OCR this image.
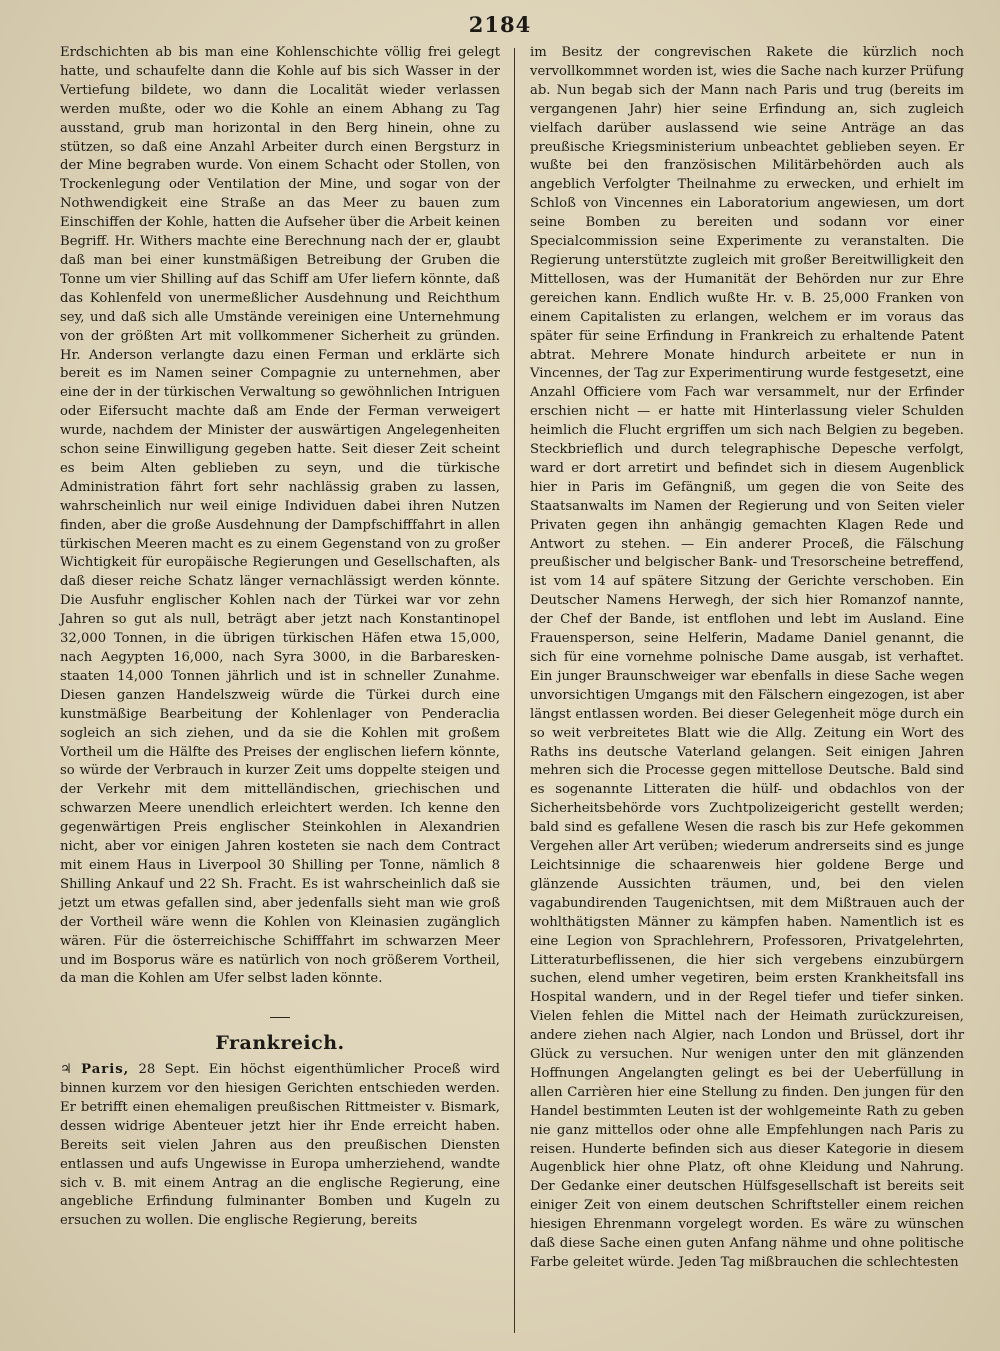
2184

Erdschichten ab bis man eine Kohlenschichte völlig frei gelegt hatte, und schaufelte dann die Kohle auf bis sich Wasser in der Vertiefung bildete, wo dann die Localität wieder verlassen werden mußte, oder wo die Kohle an einem Abhang zu Tag ausstand, grub man horizontal in den Berg hinein, ohne zu stützen, so daß eine Anzahl Arbeiter durch einen Bergsturz in der Mine begraben wurde. Von einem Schacht oder Stollen, von Trockenlegung oder Ventilation der Mine, und sogar von der Nothwendigkeit eine Straße an das Meer zu bauen zum Einschiffen der Kohle, hatten die Aufseher über die Arbeit keinen Begriff. Hr. Withers machte eine Berechnung nach der er, glaubt daß man bei einer kunstmäßigen Betreibung der Gruben die Tonne um vier Shilling auf das Schiff am Ufer liefern könnte, daß das Kohlenfeld von unermeßlicher Ausdehnung und Reichthum sey, und daß sich alle Umstände vereinigen eine Unternehmung von der größten Art mit vollkommener Sicherheit zu gründen. Hr. Anderson verlangte dazu einen Ferman und erklärte sich bereit es im Namen seiner Compagnie zu unternehmen, aber eine der in der türkischen Verwaltung so gewöhnlichen Intriguen oder Eifersucht machte daß am Ende der Ferman verweigert wurde, nachdem der Minister der auswärtigen Angelegenheiten schon seine Einwilligung gegeben hatte. Seit dieser Zeit scheint es beim Alten geblieben zu seyn, und die türkische Administration fährt fort sehr nachlässig graben zu lassen, wahrscheinlich nur weil einige Individuen dabei ihren Nutzen finden, aber die große Ausdehnung der Dampfschifffahrt in allen türkischen Meeren macht es zu einem Gegenstand von zu großer Wichtigkeit für europäische Regierungen und Gesellschaften, als daß dieser reiche Schatz länger vernachlässigt werden könnte. Die Ausfuhr englischer Kohlen nach der Türkei war vor zehn Jahren so gut als null, beträgt aber jetzt nach Konstantinopel 32,000 Tonnen, in die übrigen türkischen Häfen etwa 15,000, nach Aegypten 16,000, nach Syra 3000, in die Barbareskenstaaten 14,000 Tonnen jährlich und ist in schneller Zunahme. Diesen ganzen Handelszweig würde die Türkei durch eine kunstmäßige Bearbeitung der Kohlenlager von Penderaclia sogleich an sich ziehen, und da sie die Kohlen mit großem Vortheil um die Hälfte des Preises der englischen liefern könnte, so würde der Verbrauch in kurzer Zeit ums doppelte steigen und der Verkehr mit dem mittelländischen, griechischen und schwarzen Meere unendlich erleichtert werden. Ich kenne den gegenwärtigen Preis englischer Steinkohlen in Alexandrien nicht, aber vor einigen Jahren kosteten sie nach dem Contract mit einem Haus in Liverpool 30 Shilling per Tonne, nämlich 8 Shilling Ankauf und 22 Sh. Fracht. Es ist wahrscheinlich daß sie jetzt um etwas gefallen sind, aber jedenfalls sieht man wie groß der Vortheil wäre wenn die Kohlen von Kleinasien zugänglich wären. Für die österreichische Schifffahrt im schwarzen Meer und im Bosporus wäre es natürlich von noch größerem Vortheil, da man die Kohlen am Ufer selbst laden könnte.

Frankreich.

♃ Paris, 28 Sept. Ein höchst eigenthümlicher Proceß wird binnen kurzem vor den hiesigen Gerichten entschieden werden. Er betrifft einen ehemaligen preußischen Rittmeister v. Bismark, dessen widrige Abenteuer jetzt hier ihr Ende erreicht haben. Bereits seit vielen Jahren aus den preußischen Diensten entlassen und aufs Ungewisse in Europa umherziehend, wandte sich v. B. mit einem Antrag an die englische Regierung, eine angebliche Erfindung fulminanter Bomben und Kugeln zu ersuchen zu wollen. Die englische Regierung, bereits

im Besitz der congrevischen Rakete die kürzlich noch vervollkommnet worden ist, wies die Sache nach kurzer Prüfung ab. Nun begab sich der Mann nach Paris und trug (bereits im vergangenen Jahr) hier seine Erfindung an, sich zugleich vielfach darüber auslassend wie seine Anträge an das preußische Kriegsministerium unbeachtet geblieben seyen. Er wußte bei den französischen Militärbehörden auch als angeblich Verfolgter Theilnahme zu erwecken, und erhielt im Schloß von Vincennes ein Laboratorium angewiesen, um dort seine Bomben zu bereiten und sodann vor einer Specialcommission seine Experimente zu veranstalten. Die Regierung unterstützte zugleich mit großer Bereitwilligkeit den Mittellosen, was der Humanität der Behörden nur zur Ehre gereichen kann. Endlich wußte Hr. v. B. 25,000 Franken von einem Capitalisten zu erlangen, welchem er im voraus das später für seine Erfindung in Frankreich zu erhaltende Patent abtrat. Mehrere Monate hindurch arbeitete er nun in Vincennes, der Tag zur Experimentirung wurde festgesetzt, eine Anzahl Officiere vom Fach war versammelt, nur der Erfinder erschien nicht — er hatte mit Hinterlassung vieler Schulden heimlich die Flucht ergriffen um sich nach Belgien zu begeben. Steckbrieflich und durch telegraphische Depesche verfolgt, ward er dort arretirt und befindet sich in diesem Augenblick hier in Paris im Gefängniß, um gegen die von Seite des Staatsanwalts im Namen der Regierung und von Seiten vieler Privaten gegen ihn anhängig gemachten Klagen Rede und Antwort zu stehen. — Ein anderer Proceß, die Fälschung preußischer und belgischer Bank- und Tresorscheine betreffend, ist vom 14 auf spätere Sitzung der Gerichte verschoben. Ein Deutscher Namens Herwegh, der sich hier Romanzof nannte, der Chef der Bande, ist entflohen und lebt im Ausland. Eine Frauensperson, seine Helferin, Madame Daniel genannt, die sich für eine vornehme polnische Dame ausgab, ist verhaftet. Ein junger Braunschweiger war ebenfalls in diese Sache wegen unvorsichtigen Umgangs mit den Fälschern eingezogen, ist aber längst entlassen worden. Bei dieser Gelegenheit möge durch ein so weit verbreitetes Blatt wie die Allg. Zeitung ein Wort des Raths ins deutsche Vaterland gelangen. Seit einigen Jahren mehren sich die Processe gegen mittellose Deutsche. Bald sind es sogenannte Litteraten die hülf- und obdachlos von der Sicherheitsbehörde vors Zuchtpolizeigericht gestellt werden; bald sind es gefallene Wesen die rasch bis zur Hefe gekommen Vergehen aller Art verüben; wiederum andrerseits sind es junge Leichtsinnige die schaarenweis hier goldene Berge und glänzende Aussichten träumen, und, bei den vielen vagabundirenden Taugenichtsen, mit dem Mißtrauen auch der wohlthätigsten Männer zu kämpfen haben. Namentlich ist es eine Legion von Sprachlehrern, Professoren, Privatgelehrten, Litteraturbeflissenen, die hier sich vergebens einzubürgern suchen, elend umher vegetiren, beim ersten Krankheitsfall ins Hospital wandern, und in der Regel tiefer und tiefer sinken. Vielen fehlen die Mittel nach der Heimath zurückzureisen, andere ziehen nach Algier, nach London und Brüssel, dort ihr Glück zu versuchen. Nur wenigen unter den mit glänzenden Hoffnungen Angelangten gelingt es bei der Ueberfüllung in allen Carrièren hier eine Stellung zu finden. Den jungen für den Handel bestimmten Leuten ist der wohlgemeinte Rath zu geben nie ganz mittellos oder ohne alle Empfehlungen nach Paris zu reisen. Hunderte befinden sich aus dieser Kategorie in diesem Augenblick hier ohne Platz, oft ohne Kleidung und Nahrung. Der Gedanke einer deutschen Hülfsgesellschaft ist bereits seit einiger Zeit von einem deutschen Schriftsteller einem reichen hiesigen Ehrenmann vorgelegt worden. Es wäre zu wünschen daß diese Sache einen guten Anfang nähme und ohne politische Farbe geleitet würde. Jeden Tag mißbrauchen die schlechtesten
